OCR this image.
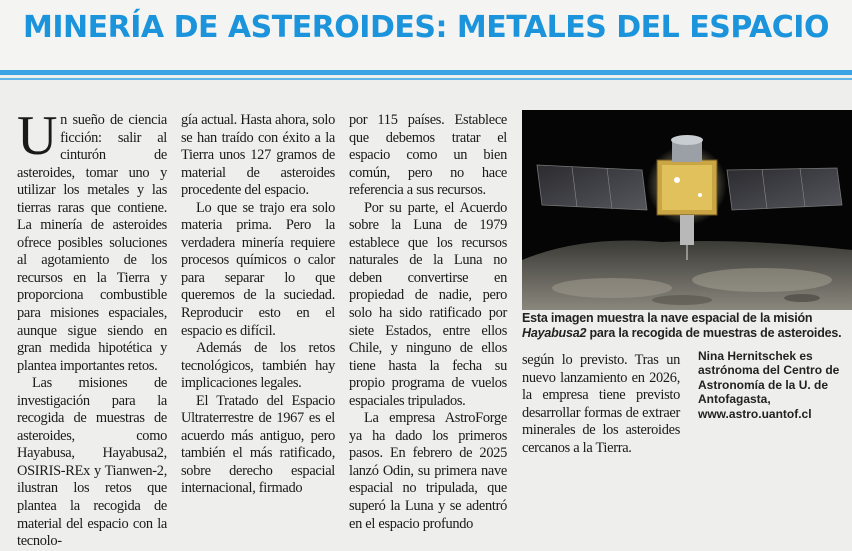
MINERÍA DE ASTEROIDES: METALES DEL ESPACIO

Un sueño de ciencia ficción: salir al cinturón de asteroides, tomar uno y utilizar los metales y las tierras raras que contiene. La minería de asteroides ofrece posibles soluciones al agotamiento de los recursos en la Tierra y proporciona combustible para misiones espaciales, aunque sigue siendo en gran medida hipotética y plantea importantes retos.

Las misiones de investigación para la recogida de muestras de asteroides, como Hayabusa, Hayabusa2, OSIRIS-REx y Tianwen-2, ilustran los retos que plantea la recogida de material del espacio con la tecnolo-

gía actual. Hasta ahora, solo se han traído con éxito a la Tierra unos 127 gramos de material de asteroides procedente del espacio.

Lo que se trajo era solo materia prima. Pero la verdadera minería requiere procesos químicos o calor para separar lo que queremos de la suciedad. Reproducir esto en el espacio es difícil.

Además de los retos tecnológicos, también hay implicaciones legales.

El Tratado del Espacio Ultraterrestre de 1967 es el acuerdo más antiguo, pero también el más ratificado, sobre derecho espacial internacional, firmado

por 115 países. Establece que debemos tratar el espacio como un bien común, pero no hace referencia a sus recursos.

Por su parte, el Acuerdo sobre la Luna de 1979 establece que los recursos naturales de la Luna no deben convertirse en propiedad de nadie, pero solo ha sido ratificado por siete Estados, entre ellos Chile, y ninguno de ellos tiene hasta la fecha su propio programa de vuelos espaciales tripulados.

La empresa AstroForge ya ha dado los primeros pasos. En febrero de 2025 lanzó Odin, su primera nave espacial no tripulada, que superó la Luna y se adentró en el espacio profundo

Esta imagen muestra la nave espacial de la misión Hayabusa2 para la recogida de muestras de asteroides.

según lo previsto. Tras un nuevo lanzamiento en 2026, la empresa tiene previsto desarrollar formas de extraer minerales de los asteroides cercanos a la Tierra.

Nina Hernitschek es
astrónoma del Centro de
Astronomía de la U. de
Antofagasta,
www.astro.uantof.cl
